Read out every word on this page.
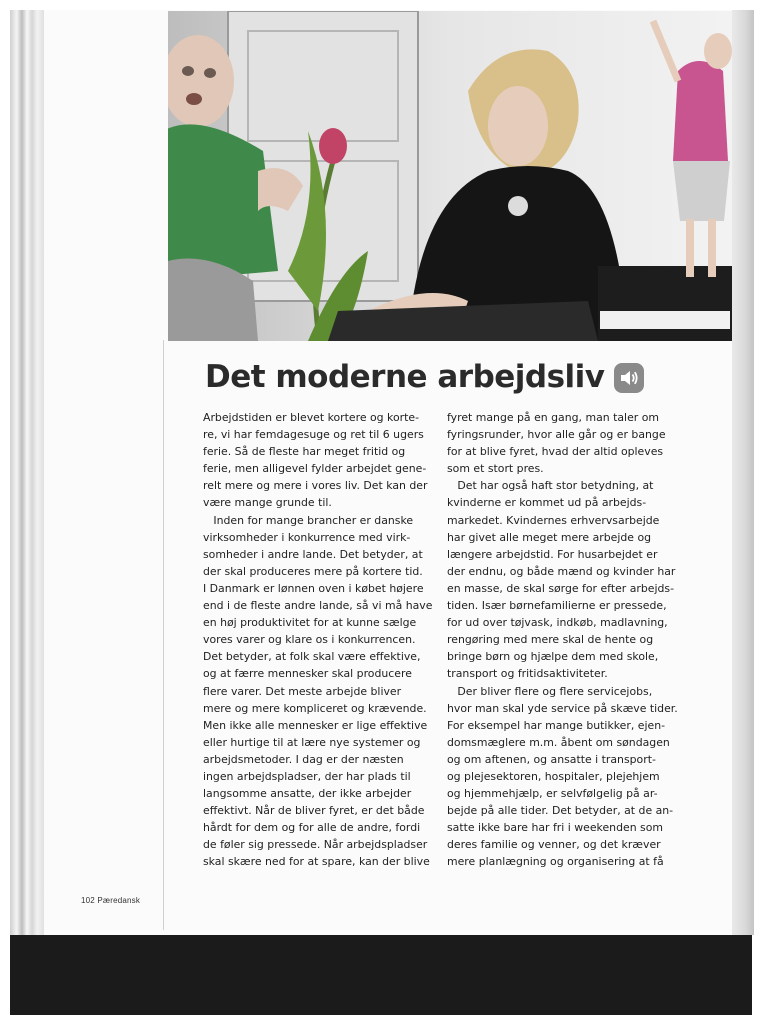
Det moderne arbejdsliv

Arbejdstiden er blevet kortere og korte-
re, vi har femdagesuge og ret til 6 ugers
ferie. Så de fleste har meget fritid og
ferie, men alligevel fylder arbejdet gene-
relt mere og mere i vores liv. Det kan der
være mange grunde til.
Inden for mange brancher er danske
virksomheder i konkurrence med virk-
somheder i andre lande. Det betyder, at
der skal produceres mere på kortere tid.
I Danmark er lønnen oven i købet højere
end i de fleste andre lande, så vi må have
en høj produktivitet for at kunne sælge
vores varer og klare os i konkurrencen.
Det betyder, at folk skal være effektive,
og at færre mennesker skal producere
flere varer. Det meste arbejde bliver
mere og mere kompliceret og krævende.
Men ikke alle mennesker er lige effektive
eller hurtige til at lære nye systemer og
arbejdsmetoder. I dag er der næsten
ingen arbejdspladser, der har plads til
langsomme ansatte, der ikke arbejder
effektivt. Når de bliver fyret, er det både
hårdt for dem og for alle de andre, fordi
de føler sig pressede. Når arbejdspladser
skal skære ned for at spare, kan der blive

fyret mange på en gang, man taler om
fyringsrunder, hvor alle går og er bange
for at blive fyret, hvad der altid opleves
som et stort pres.
Det har også haft stor betydning, at
kvinderne er kommet ud på arbejds-
markedet. Kvindernes erhvervsarbejde
har givet alle meget mere arbejde og
længere arbejdstid. For husarbejdet er
der endnu, og både mænd og kvinder har
en masse, de skal sørge for efter arbejds-
tiden. Især børnefamilierne er pressede,
for ud over tøjvask, indkøb, madlavning,
rengøring med mere skal de hente og
bringe børn og hjælpe dem med skole,
transport og fritidsaktiviteter.
Der bliver flere og flere servicejobs,
hvor man skal yde service på skæve tider.
For eksempel har mange butikker, ejen-
domsmæglere m.m. åbent om søndagen
og om aftenen, og ansatte i transport-
og plejesektoren, hospitaler, plejehjem
og hjemmehjælp, er selvfølgelig på ar-
bejde på alle tider. Det betyder, at de an-
satte ikke bare har fri i weekenden som
deres familie og venner, og det kræver
mere planlægning og organisering at få

102 Pæredansk
